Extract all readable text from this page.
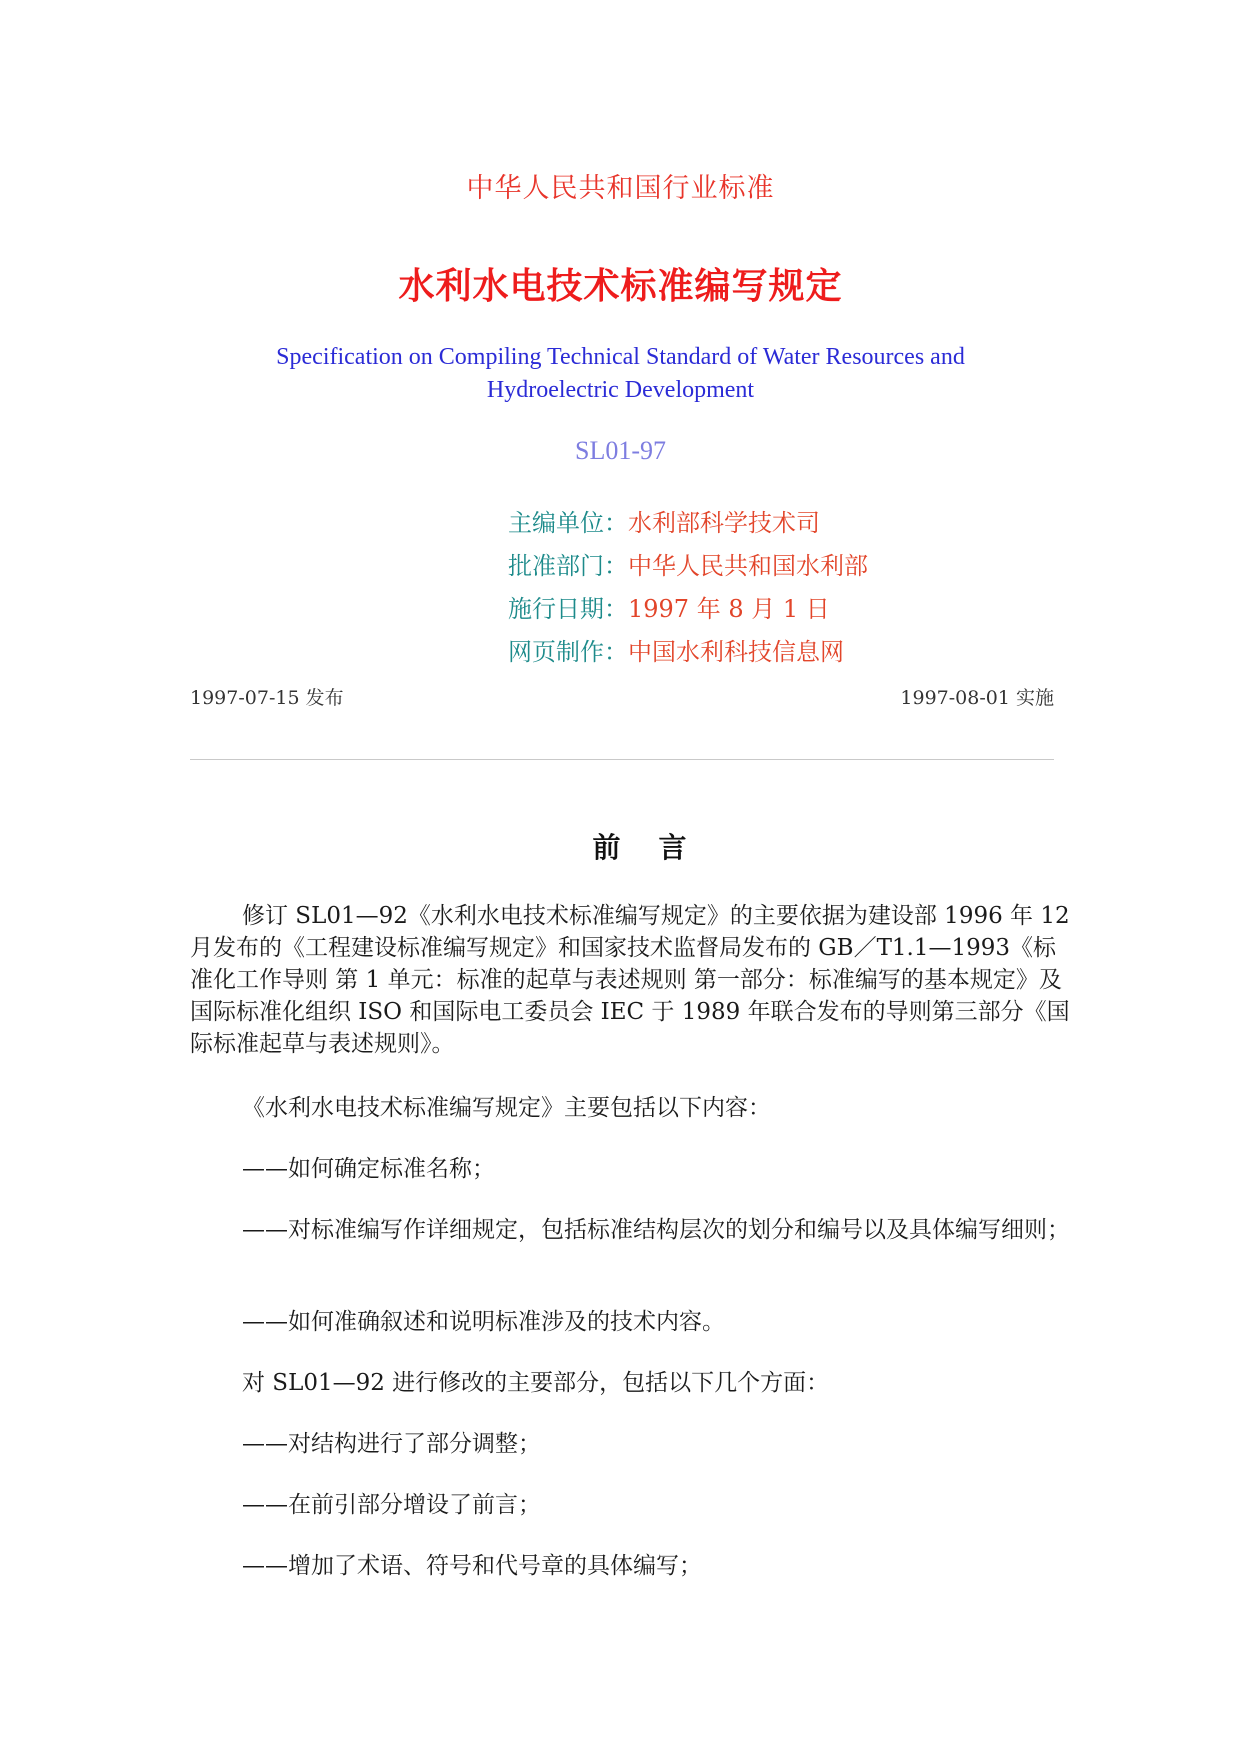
中华人民共和国行业标准
水利水电技术标准编写规定
Specification on Compiling Technical Standard of Water Resources and
Hydroelectric Development
SL01-97
主编单位：水利部科学技术司
批准部门：中华人民共和国水利部
施行日期：1997 年 8 月 1 日
网页制作：中国水利科技信息网
1997-07-15 发布	1997-08-01 实施
前言

修订 SL01—92《水利水电技术标准编写规定》的主要依据为建设部 1996 年 12 月发布的《工程建设标准编写规定》和国家技术监督局发布的 GB／T1.1—1993《标准化工作导则 第 1 单元：标准的起草与表述规则 第一部分：标准编写的基本规定》及国际标准化组织 ISO 和国际电工委员会 IEC 于 1989 年联合发布的导则第三部分《国际标准起草与表述规则》。

《水利水电技术标准编写规定》主要包括以下内容：

——如何确定标准名称；

——对标准编写作详细规定，包括标准结构层次的划分和编号以及具体编写细则；

——如何准确叙述和说明标准涉及的技术内容。

对 SL01—92 进行修改的主要部分，包括以下几个方面：

——对结构进行了部分调整；

——在前引部分增设了前言；

——增加了术语、符号和代号章的具体编写；
